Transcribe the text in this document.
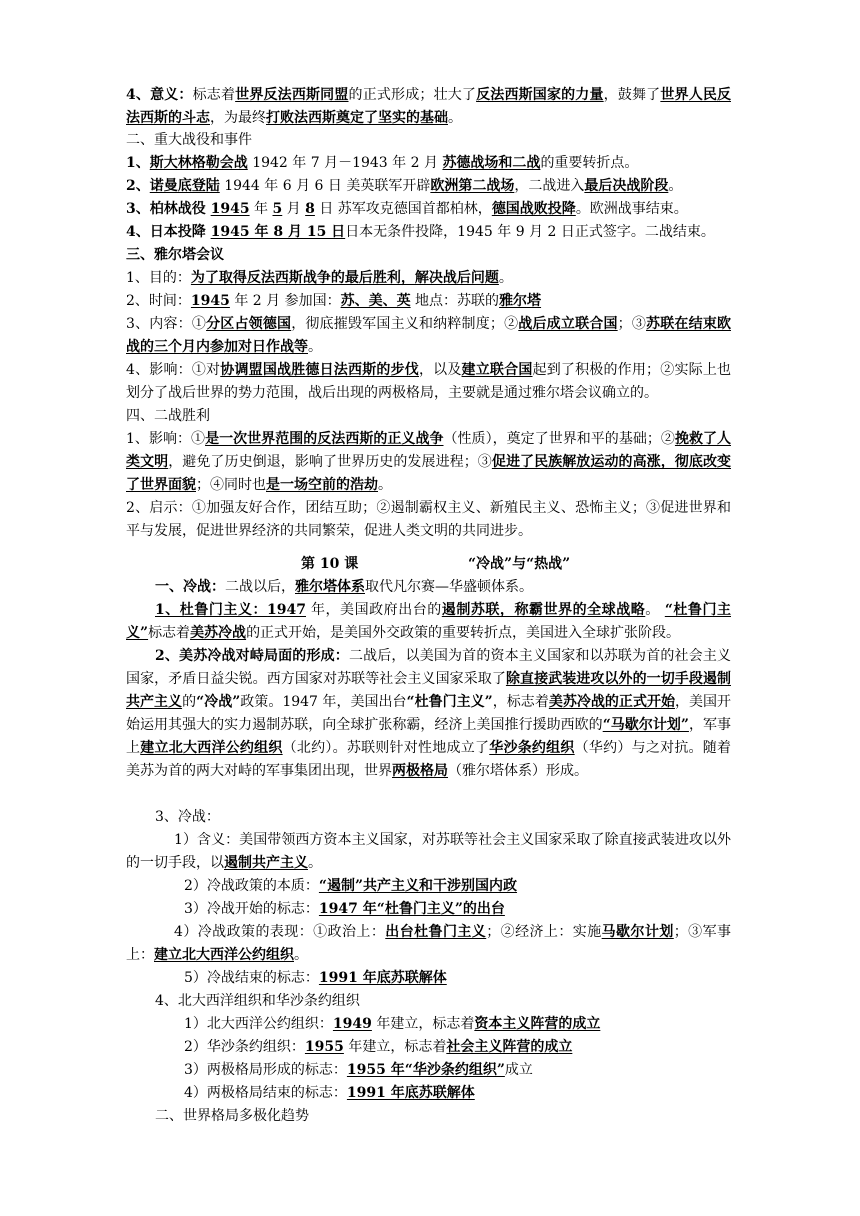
4、意义：标志着世界反法西斯同盟的正式形成；壮大了反法西斯国家的力量，鼓舞了世界人民反法西斯的斗志，为最终打败法西斯奠定了坚实的基础。
二、重大战役和事件
1、斯大林格勒会战 1942 年 7 月－1943 年 2 月 苏德战场和二战的重要转折点。
2、诺曼底登陆 1944 年 6 月 6 日 美英联军开辟欧洲第二战场，二战进入最后决战阶段。
3、柏林战役 1945 年 5 月 8 日 苏军攻克德国首都柏林，德国战败投降。欧洲战事结束。
4、日本投降 1945 年 8 月 15 日日本无条件投降，1945 年 9 月 2 日正式签字。二战结束。
三、雅尔塔会议
1、目的：为了取得反法西斯战争的最后胜利，解决战后问题。
2、时间：1945 年 2 月 参加国：苏、美、英 地点：苏联的雅尔塔
3、内容：①分区占领德国，彻底摧毁军国主义和纳粹制度；②战后成立联合国；③苏联在结束欧战的三个月内参加对日作战等。
4、影响：①对协调盟国战胜德日法西斯的步伐，以及建立联合国起到了积极的作用；②实际上也划分了战后世界的势力范围，战后出现的两极格局，主要就是通过雅尔塔会议确立的。
四、二战胜利
1、影响：①是一次世界范围的反法西斯的正义战争（性质），奠定了世界和平的基础；②挽救了人类文明，避免了历史倒退，影响了世界历史的发展进程；③促进了民族解放运动的高涨，彻底改变了世界面貌；④同时也是一场空前的浩劫。
2、启示：①加强友好合作，团结互助；②遏制霸权主义、新殖民主义、恐怖主义；③促进世界和平与发展，促进世界经济的共同繁荣，促进人类文明的共同进步。
第 10 课	“冷战”与“热战”
一、冷战：二战以后，雅尔塔体系取代凡尔赛—华盛顿体系。
1、杜鲁门主义：1947 年，美国政府出台的遏制苏联，称霸世界的全球战略。 “杜鲁门主义”标志着美苏冷战的正式开始，是美国外交政策的重要转折点，美国进入全球扩张阶段。
2、美苏冷战对峙局面的形成：二战后，以美国为首的资本主义国家和以苏联为首的社会主义国家，矛盾日益尖锐。西方国家对苏联等社会主义国家采取了除直接武装进攻以外的一切手段遏制共产主义的“冷战”政策。1947 年，美国出台“杜鲁门主义”，标志着美苏冷战的正式开始，美国开始运用其强大的实力遏制苏联，向全球扩张称霸，经济上美国推行援助西欧的“马歇尔计划”，军事上建立北大西洋公约组织（北约）。苏联则针对性地成立了华沙条约组织（华约）与之对抗。随着美苏为首的两大对峙的军事集团出现，世界两极格局（雅尔塔体系）形成。
3、冷战：
1）含义：美国带领西方资本主义国家，对苏联等社会主义国家采取了除直接武装进攻以外的一切手段，以遏制共产主义。
2）冷战政策的本质：“遏制”共产主义和干涉别国内政
3）冷战开始的标志：1947 年“杜鲁门主义”的出台
4）冷战政策的表现：①政治上：出台杜鲁门主义；②经济上：实施马歇尔计划；③军事上：建立北大西洋公约组织。
5）冷战结束的标志：1991 年底苏联解体
4、北大西洋组织和华沙条约组织
1）北大西洋公约组织：1949 年建立，标志着资本主义阵营的成立
2）华沙条约组织：1955 年建立，标志着社会主义阵营的成立
3）两极格局形成的标志：1955 年“华沙条约组织”成立
4）两极格局结束的标志：1991 年底苏联解体
二、世界格局多极化趋势
